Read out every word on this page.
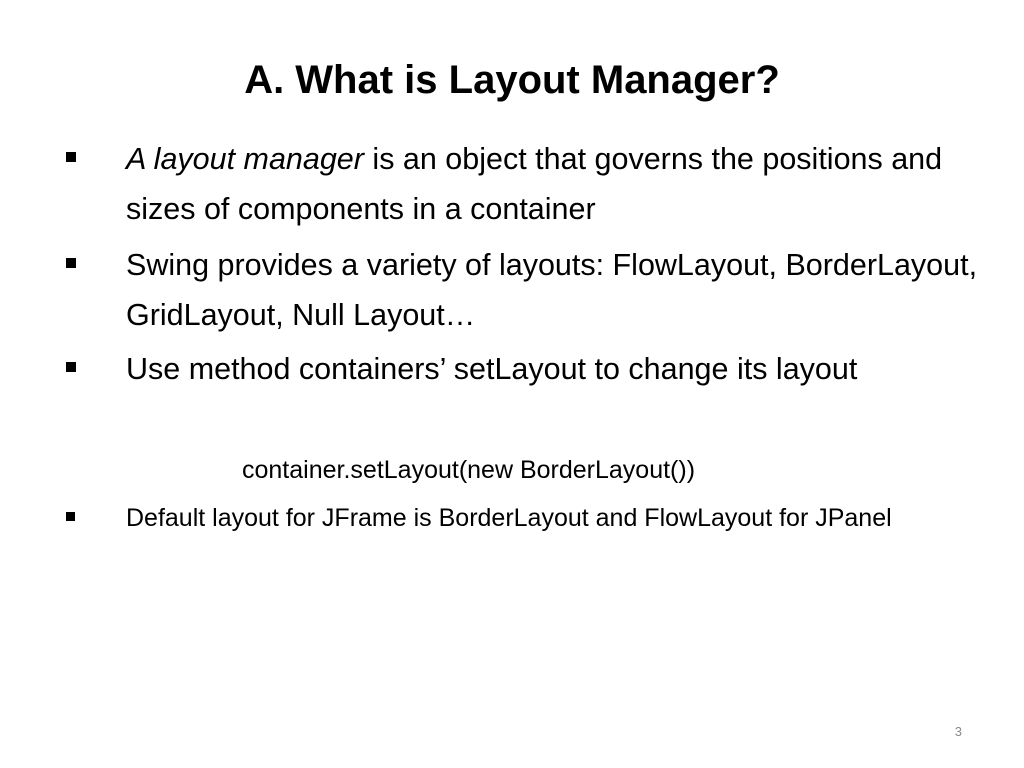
A. What is Layout Manager?
A layout manager is an object that governs the positions and sizes of components in a container
Swing provides a variety of layouts: FlowLayout, BorderLayout, GridLayout, Null Layout…
Use method containers’ setLayout to change its layout
container.setLayout(new BorderLayout())
Default layout for JFrame is BorderLayout and FlowLayout for JPanel
3
